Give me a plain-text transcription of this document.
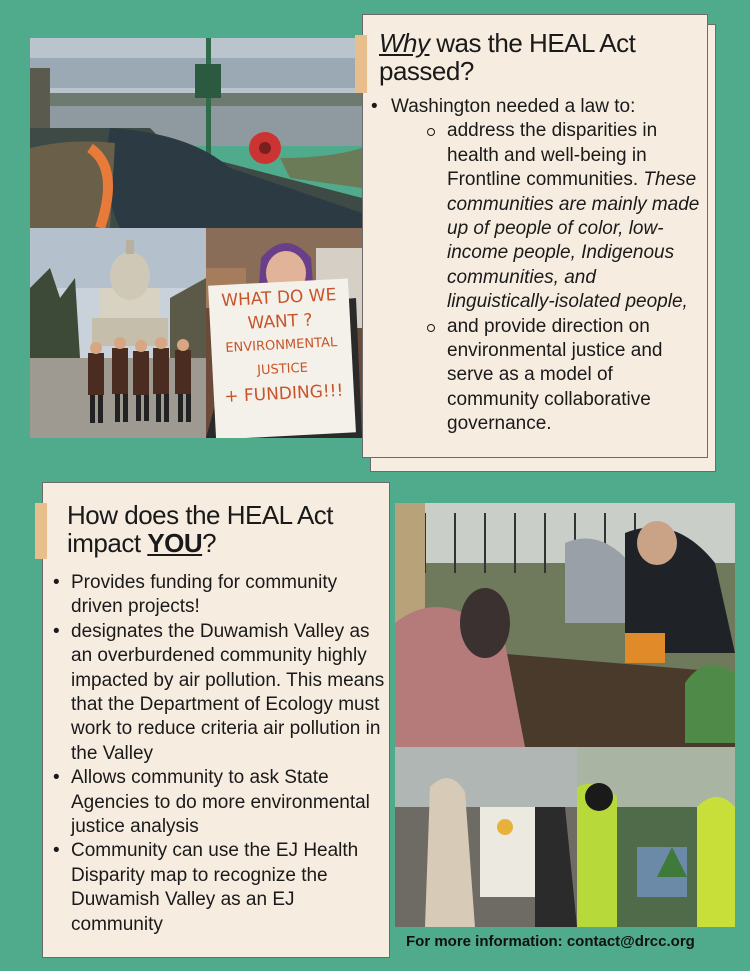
WHAT DO WE
WANT ?
ENVIRONMENTAL
JUSTICE
+ FUNDING!!!
Why was the HEAL Act passed?
• Washington needed a law to:
address the disparities in health and well-being in Frontline communities. These communities are mainly made up of people of color, low-income people, Indigenous communities, and linguistically-isolated people,
and provide direction on environmental justice and serve as a model of community collaborative governance.
How does the HEAL Act impact YOU?
• Provides funding for community driven projects!
• designates the Duwamish Valley as an overburdened community highly impacted by air pollution. This means that the Department of Ecology must work to reduce criteria air pollution in the Valley
• Allows community to ask State Agencies to do more environmental justice analysis
• Community can use the EJ Health Disparity map to recognize the Duwamish Valley as an EJ community
For more information: contact@drcc.org
